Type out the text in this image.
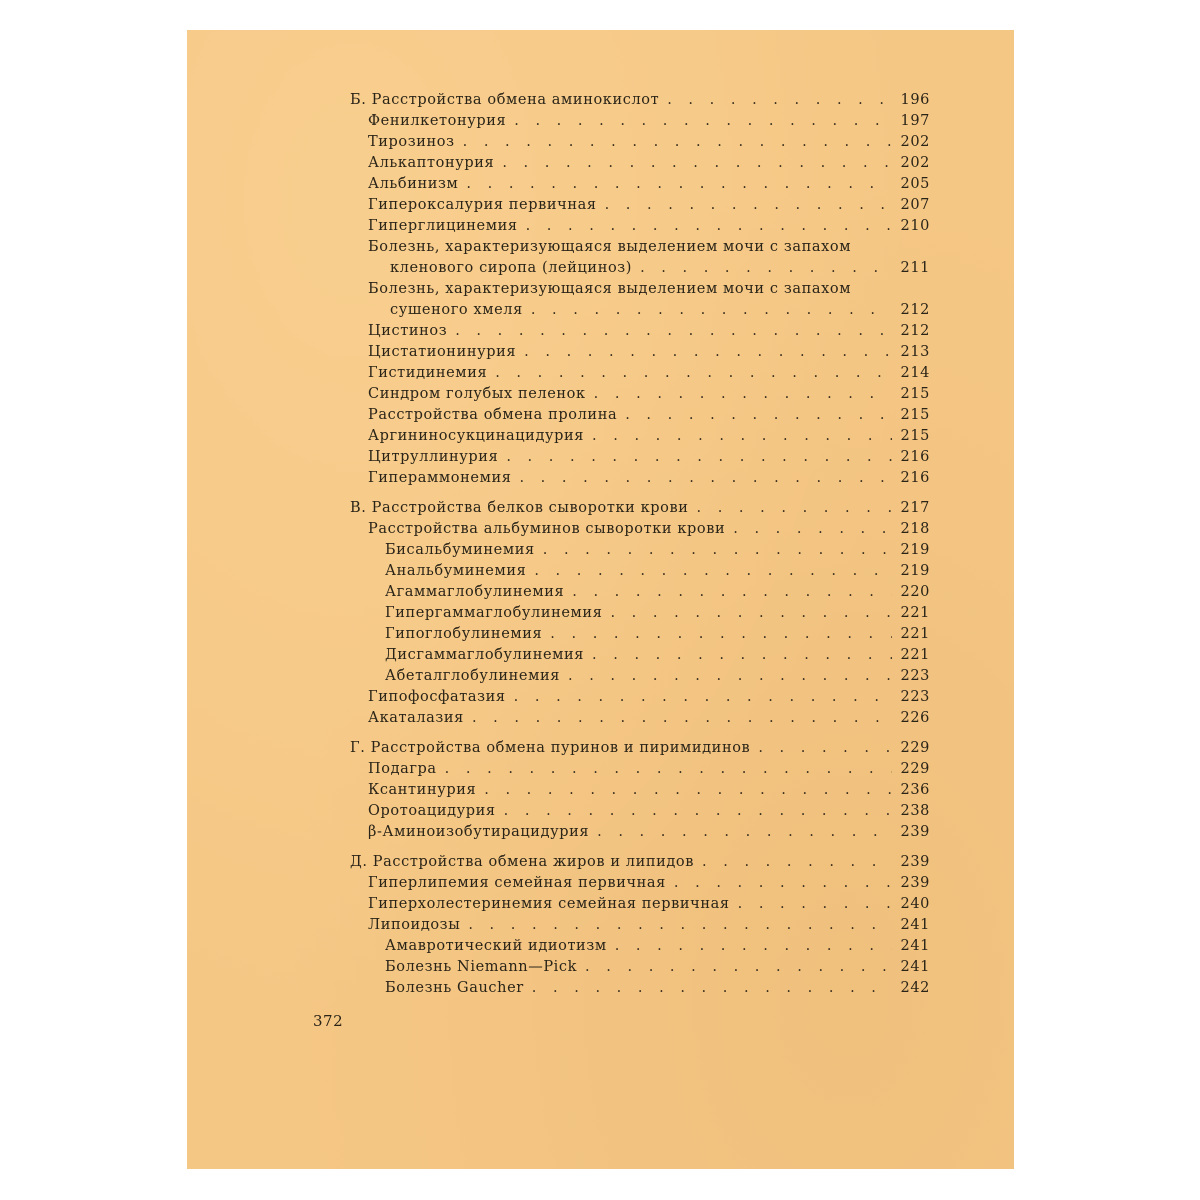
Б. Расстройства обмена аминокислот . . .	196
Фенилкетонурия . . .	197
Тирозиноз . . .	202
Алькаптонурия . . .	202
Альбинизм . . .	205
Гипероксалурия первичная . . .	207
Гиперглицинемия . . .	210
Болезнь, характеризующаяся выделением мочи с запахом
кленового сиропа (лейциноз) . . .	211
Болезнь, характеризующаяся выделением мочи с запахом
сушеного хмеля . . .	212
Цистиноз . . .	212
Цистатионинурия . . .	213
Гистидинемия . . .	214
Синдром голубых пеленок . . .	215
Расстройства обмена пролина . . .	215
Аргининосукцинацидурия . . .	215
Цитруллинурия . . .	216
Гипераммонемия . . .	216
В. Расстройства белков сыворотки крови . . .	217
Расстройства альбуминов сыворотки крови . . .	218
Бисальбуминемия . . .	219
Анальбуминемия . . .	219
Агаммаглобулинемия . . .	220
Гипергаммаглобулинемия . . .	221
Гипоглобулинемия . . .	221
Дисгаммаглобулинемия . . .	221
Абеталглобулинемия . . .	223
Гипофосфатазия . . .	223
Акаталазия . . .	226
Г. Расстройства обмена пуринов и пиримидинов . . .	229
Подагра . . .	229
Ксантинурия . . .	236
Оротоацидурия . . .	238
β-Аминоизобутирацидурия . . .	239
Д. Расстройства обмена жиров и липидов . . .	239
Гиперлипемия семейная первичная . . .	239
Гиперхолестеринемия семейная первичная . . .	240
Липоидозы . . .	241
Амавротический идиотизм . . .	241
Болезнь Niemann—Pick . . .	241
Болезнь Gaucher . . .	242
372
